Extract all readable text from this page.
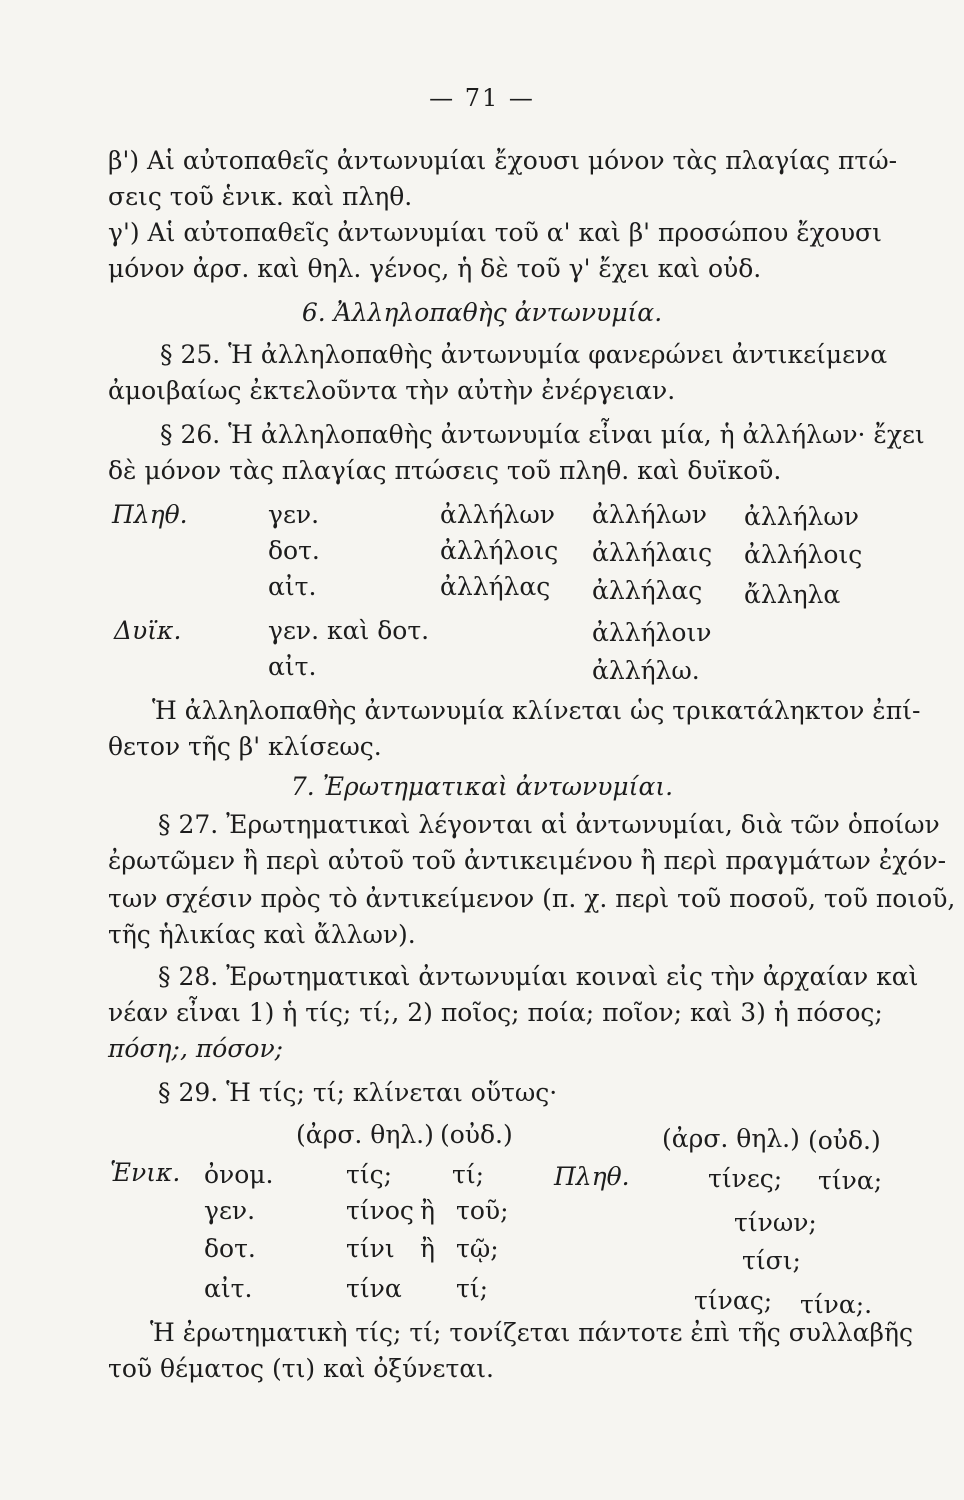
— 71 —
β') Αἱ αὐτοπαθεῖς ἀντωνυμίαι ἔχουσι μόνον τὰς πλαγίας πτώ-
σεις τοῦ ἑνικ. καὶ πληθ.
γ') Αἱ αὐτοπαθεῖς ἀντωνυμίαι τοῦ α' καὶ β' προσώπου ἔχουσι
μόνον ἀρσ. καὶ θηλ. γένος, ἡ δὲ τοῦ γ' ἔχει καὶ οὐδ.
6. Ἀλληλοπαθὴς ἀντωνυμία.
§ 25. Ἡ ἀλληλοπαθὴς ἀντωνυμία φανερώνει ἀντικείμενα
ἀμοιβαίως ἐκτελοῦντα τὴν αὐτὴν ἐνέργειαν.
§ 26. Ἡ ἀλληλοπαθὴς ἀντωνυμία εἶναι μία, ἡ ἀλλήλων· ἔχει
δὲ μόνον τὰς πλαγίας πτώσεις τοῦ πληθ. καὶ δυϊκοῦ.
Πληθ.	γεν.	ἀλλήλων ἀλλήλων ἀλλήλων
δοτ.	ἀλλήλοις ἀλλήλαις ἀλλήλοις
αἰτ.	ἀλλήλας ἀλλήλας ἄλληλα
Δυϊκ.	γεν. καὶ δοτ.	ἀλλήλοιν
αἰτ.	ἀλλήλω.
Ἡ ἀλληλοπαθὴς ἀντωνυμία κλίνεται ὡς τρικατάληκτον ἐπί-
θετον τῆς β' κλίσεως.
7. Ἐρωτηματικαὶ ἀντωνυμίαι.
§ 27. Ἐρωτηματικαὶ λέγονται αἱ ἀντωνυμίαι, διὰ τῶν ὁποίων
ἐρωτῶμεν ἢ περὶ αὐτοῦ τοῦ ἀντικειμένου ἢ περὶ πραγμάτων ἐχόν-
των σχέσιν πρὸς τὸ ἀντικείμενον (π. χ. περὶ τοῦ ποσοῦ, τοῦ ποιοῦ,
τῆς ἡλικίας καὶ ἄλλων).
§ 28. Ἐρωτηματικαὶ ἀντωνυμίαι κοιναὶ εἰς τὴν ἀρχαίαν καὶ
νέαν εἶναι 1) ἡ τίς; τί;, 2) ποῖος; ποία; ποῖον; καὶ 3) ἡ πόσος;
πόση;, πόσον;
§ 29. Ἡ τίς; τί; κλίνεται οὕτως·
(ἀρσ. θηλ.) (οὐδ.)	(ἀρσ. θηλ.) (οὐδ.)
Ἑνικ. ὀνομ.	τίς; τί;	Πληθ.	τίνες; τίνα;
γεν.	τίνος ἢ τοῦ;	τίνων;
δοτ.	τίνι ἢ τῷ;	τίσι;
αἰτ.	τίνα τί;	τίνας; τίνα;.
Ἡ ἐρωτηματικὴ τίς; τί; τονίζεται πάντοτε ἐπὶ τῆς συλλαβῆς
τοῦ θέματος (τι) καὶ ὀξύνεται.
